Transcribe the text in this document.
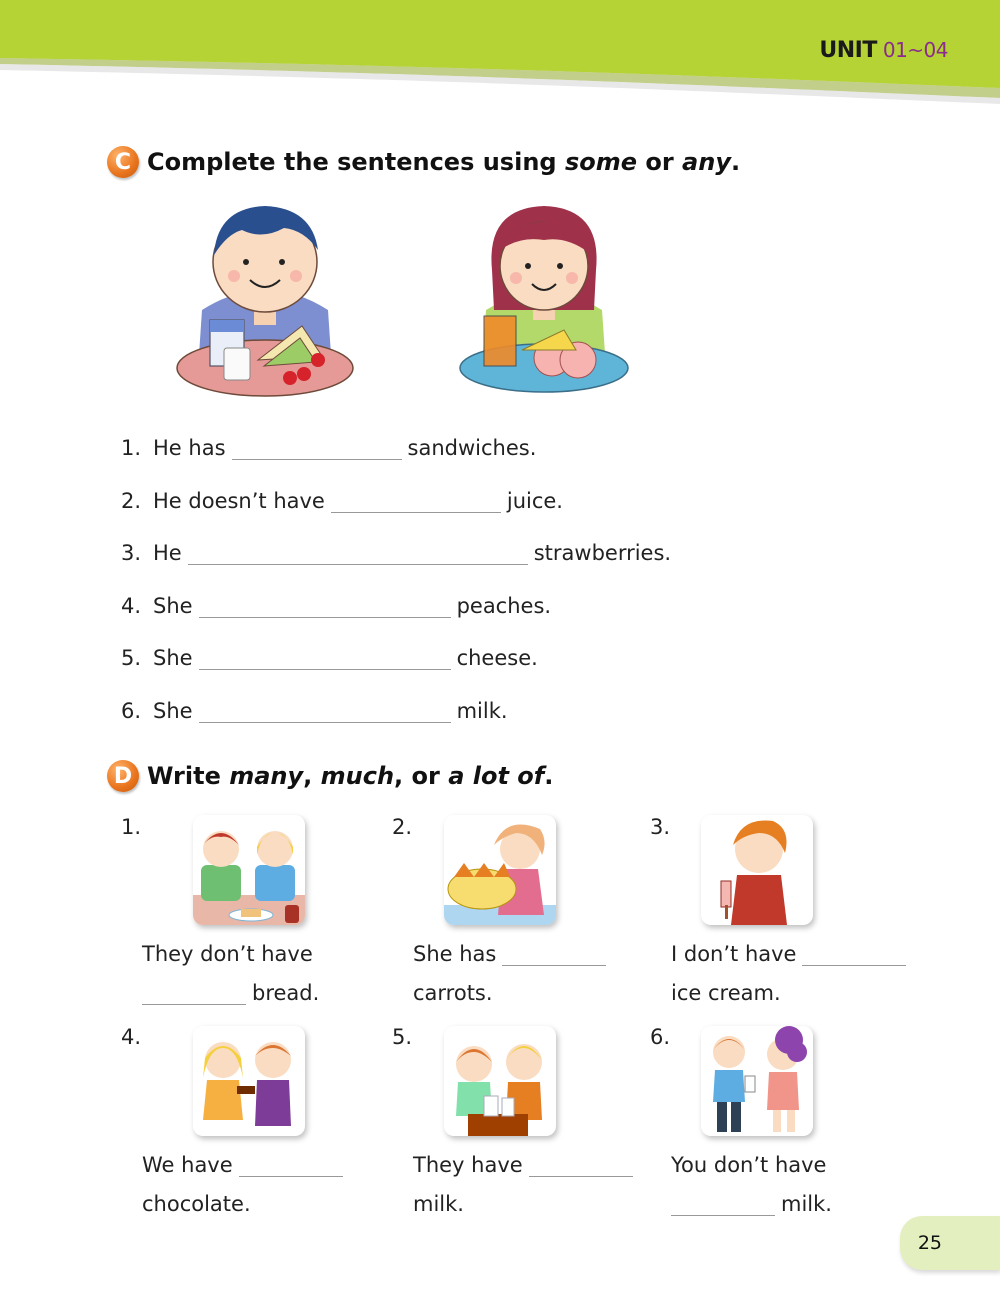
UNIT 01~04
C Complete the sentences using some or any .
1. He has	sandwiches.
2. He doesn’t have	juice.
3. He	strawberries.
4. She	peaches.
5. She	cheese.
6. She	milk.
D Write many , much , or a lot of .
1.
They don’t have
bread.
2.
She has
carrots.
3.
I don’t have
ice cream.
4.
We have
chocolate.
5.
They have
milk.
6.
You don’t have
milk.
25
